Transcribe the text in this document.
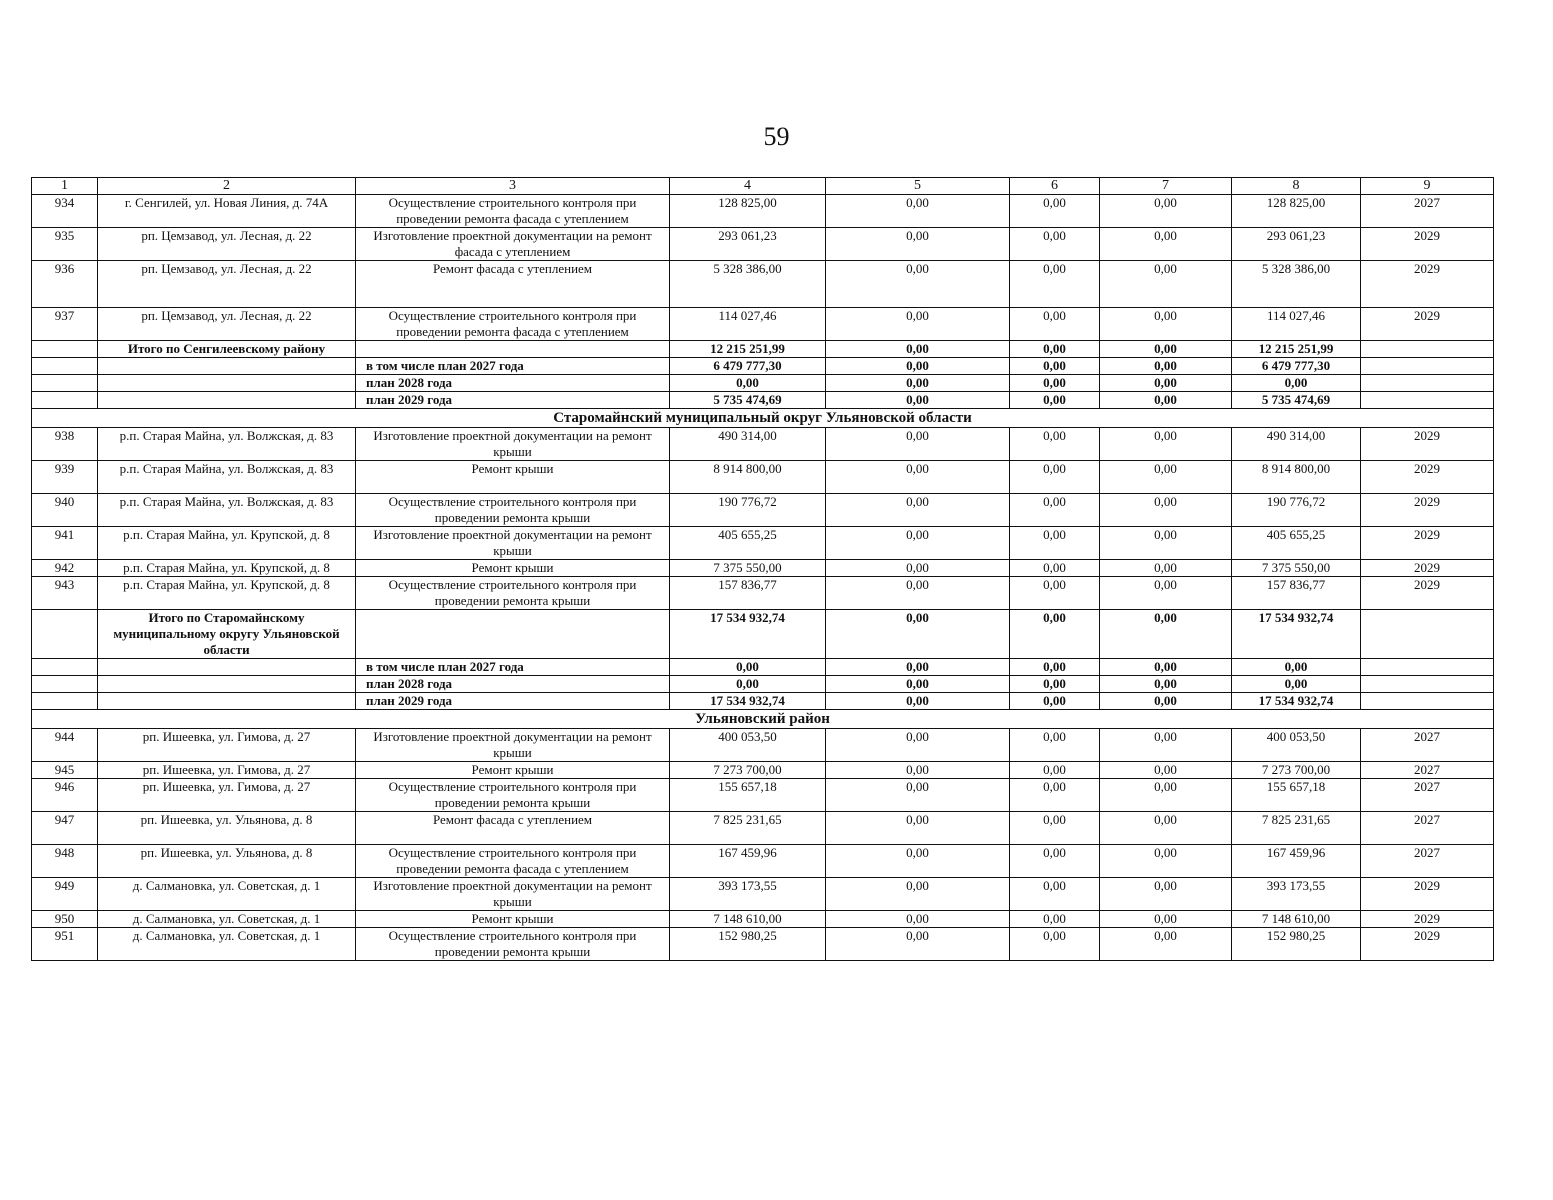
59
1	2	3	4	5	6	7	8	9
934	г. Сенгилей, ул. Новая Линия, д. 74А	Осуществление строительного контроля при проведении ремонта фасада с утеплением	128 825,00	0,00	0,00	0,00	128 825,00	2027
935	рп. Цемзавод, ул. Лесная, д. 22	Изготовление проектной документации на ремонт фасада с утеплением	293 061,23	0,00	0,00	0,00	293 061,23	2029
936	рп. Цемзавод, ул. Лесная, д. 22	Ремонт фасада с утеплением	5 328 386,00	0,00	0,00	0,00	5 328 386,00	2029
937	рп. Цемзавод, ул. Лесная, д. 22	Осуществление строительного контроля при проведении ремонта фасада с утеплением	114 027,46	0,00	0,00	0,00	114 027,46	2029
	Итого по Сенгилеевскому району		12 215 251,99	0,00	0,00	0,00	12 215 251,99	
		в том числе план 2027 года	6 479 777,30	0,00	0,00	0,00	6 479 777,30	
		план 2028 года	0,00	0,00	0,00	0,00	0,00	
		план 2029 года	5 735 474,69	0,00	0,00	0,00	5 735 474,69	
Старомайнский муниципальный округ Ульяновской области								
938	р.п. Старая Майна, ул. Волжская, д. 83	Изготовление проектной документации на ремонт крыши	490 314,00	0,00	0,00	0,00	490 314,00	2029
939	р.п. Старая Майна, ул. Волжская, д. 83	Ремонт крыши	8 914 800,00	0,00	0,00	0,00	8 914 800,00	2029
940	р.п. Старая Майна, ул. Волжская, д. 83	Осуществление строительного контроля при проведении ремонта крыши	190 776,72	0,00	0,00	0,00	190 776,72	2029
941	р.п. Старая Майна, ул. Крупской, д. 8	Изготовление проектной документации на ремонт крыши	405 655,25	0,00	0,00	0,00	405 655,25	2029
942	р.п. Старая Майна, ул. Крупской, д. 8	Ремонт крыши	7 375 550,00	0,00	0,00	0,00	7 375 550,00	2029
943	р.п. Старая Майна, ул. Крупской, д. 8	Осуществление строительного контроля при проведении ремонта крыши	157 836,77	0,00	0,00	0,00	157 836,77	2029
	Итого по Старомайнскому муниципальному округу Ульяновской области		17 534 932,74	0,00	0,00	0,00	17 534 932,74	
		в том числе план 2027 года	0,00	0,00	0,00	0,00	0,00	
		план 2028 года	0,00	0,00	0,00	0,00	0,00	
		план 2029 года	17 534 932,74	0,00	0,00	0,00	17 534 932,74	
Ульяновский район								
944	рп. Ишеевка, ул. Гимова, д. 27	Изготовление проектной документации на ремонт крыши	400 053,50	0,00	0,00	0,00	400 053,50	2027
945	рп. Ишеевка, ул. Гимова, д. 27	Ремонт крыши	7 273 700,00	0,00	0,00	0,00	7 273 700,00	2027
946	рп. Ишеевка, ул. Гимова, д. 27	Осуществление строительного контроля при проведении ремонта крыши	155 657,18	0,00	0,00	0,00	155 657,18	2027
947	рп. Ишеевка, ул. Ульянова, д. 8	Ремонт фасада с утеплением	7 825 231,65	0,00	0,00	0,00	7 825 231,65	2027
948	рп. Ишеевка, ул. Ульянова, д. 8	Осуществление строительного контроля при проведении ремонта фасада с утеплением	167 459,96	0,00	0,00	0,00	167 459,96	2027
949	д. Салмановка, ул. Советская, д. 1	Изготовление проектной документации на ремонт крыши	393 173,55	0,00	0,00	0,00	393 173,55	2029
950	д. Салмановка, ул. Советская, д. 1	Ремонт крыши	7 148 610,00	0,00	0,00	0,00	7 148 610,00	2029
951	д. Салмановка, ул. Советская, д. 1	Осуществление строительного контроля при проведении ремонта крыши	152 980,25	0,00	0,00	0,00	152 980,25	2029
